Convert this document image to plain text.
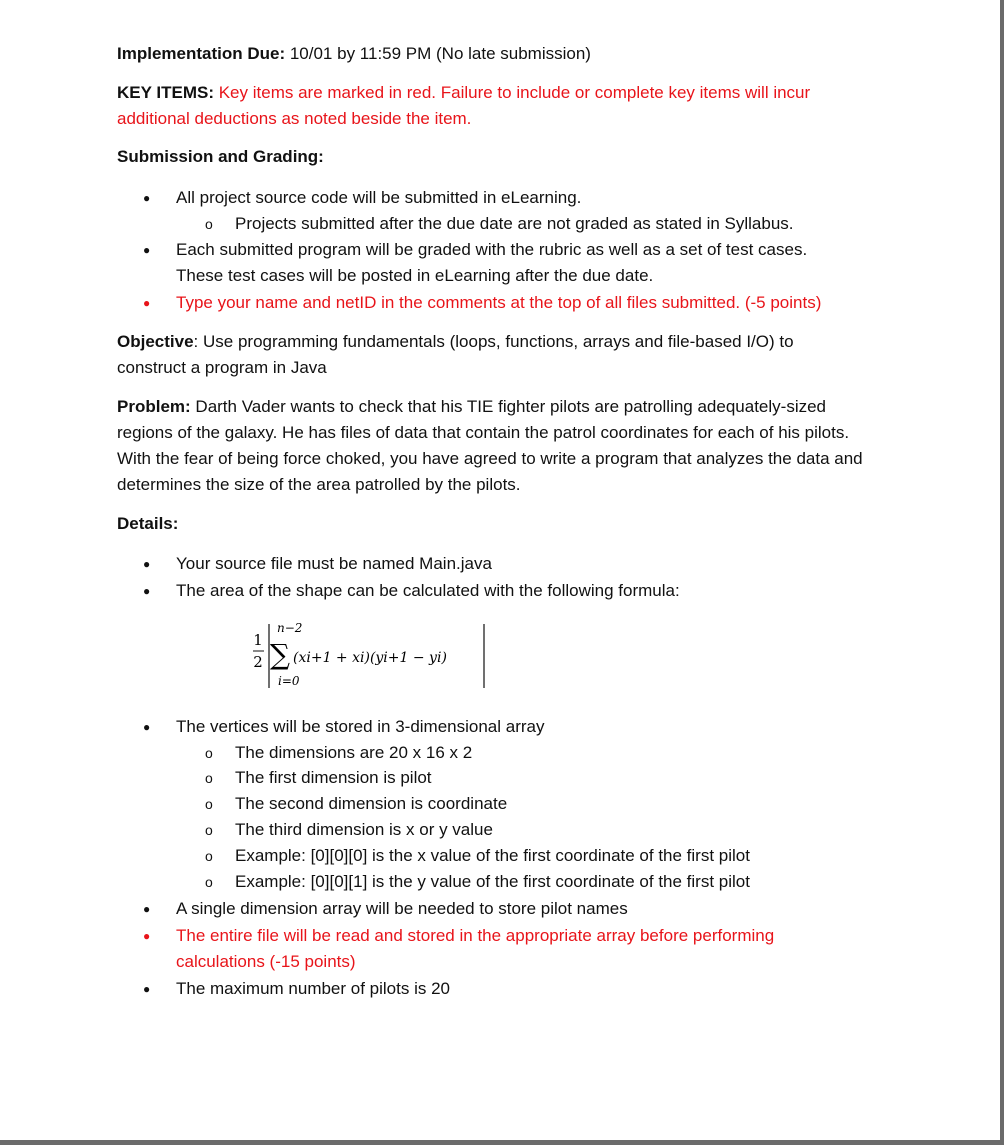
Implementation Due: 10/01 by 11:59 PM (No late submission)
KEY ITEMS: Key items are marked in red. Failure to include or complete key items will incur additional deductions as noted beside the item.
Submission and Grading:
● All project source code will be submitted in eLearning.
o Projects submitted after the due date are not graded as stated in Syllabus.
● Each submitted program will be graded with the rubric as well as a set of test cases. These test cases will be posted in eLearning after the due date.
● Type your name and netID in the comments at the top of all files submitted. (-5 points)
Objective: Use programming fundamentals (loops, functions, arrays and file-based I/O) to construct a program in Java
Problem: Darth Vader wants to check that his TIE fighter pilots are patrolling adequately-sized regions of the galaxy. He has files of data that contain the patrol coordinates for each of his pilots. With the fear of being force choked, you have agreed to write a program that analyzes the data and determines the size of the area patrolled by the pilots.
Details:
● Your source file must be named Main.java
● The area of the shape can be calculated with the following formula:
1
2
n−2
∑
i=0
(xi+1 + xi)(yi+1 − yi)
● The vertices will be stored in 3-dimensional array
o The dimensions are 20 x 16 x 2
o The first dimension is pilot
o The second dimension is coordinate
o The third dimension is x or y value
o Example: [0][0][0] is the x value of the first coordinate of the first pilot
o Example: [0][0][1] is the y value of the first coordinate of the first pilot
● A single dimension array will be needed to store pilot names
● The entire file will be read and stored in the appropriate array before performing calculations (-15 points)
● The maximum number of pilots is 20
